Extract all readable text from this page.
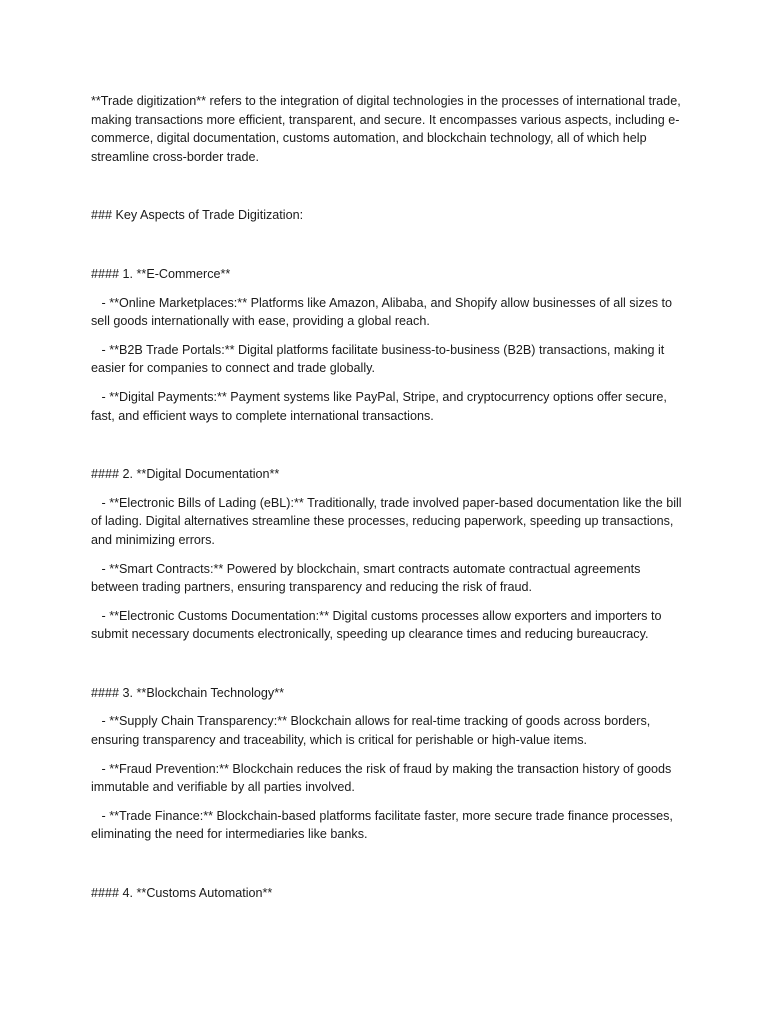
**Trade digitization** refers to the integration of digital technologies in the processes of international trade, making transactions more efficient, transparent, and secure. It encompasses various aspects, including e-commerce, digital documentation, customs automation, and blockchain technology, all of which help streamline cross-border trade.

### Key Aspects of Trade Digitization:

#### 1. **E-Commerce**

- **Online Marketplaces:** Platforms like Amazon, Alibaba, and Shopify allow businesses of all sizes to sell goods internationally with ease, providing a global reach.

- **B2B Trade Portals:** Digital platforms facilitate business-to-business (B2B) transactions, making it easier for companies to connect and trade globally.

- **Digital Payments:** Payment systems like PayPal, Stripe, and cryptocurrency options offer secure, fast, and efficient ways to complete international transactions.

#### 2. **Digital Documentation**

- **Electronic Bills of Lading (eBL):** Traditionally, trade involved paper-based documentation like the bill of lading. Digital alternatives streamline these processes, reducing paperwork, speeding up transactions, and minimizing errors.

- **Smart Contracts:** Powered by blockchain, smart contracts automate contractual agreements between trading partners, ensuring transparency and reducing the risk of fraud.

- **Electronic Customs Documentation:** Digital customs processes allow exporters and importers to submit necessary documents electronically, speeding up clearance times and reducing bureaucracy.

#### 3. **Blockchain Technology**

- **Supply Chain Transparency:** Blockchain allows for real-time tracking of goods across borders, ensuring transparency and traceability, which is critical for perishable or high-value items.

- **Fraud Prevention:** Blockchain reduces the risk of fraud by making the transaction history of goods immutable and verifiable by all parties involved.

- **Trade Finance:** Blockchain-based platforms facilitate faster, more secure trade finance processes, eliminating the need for intermediaries like banks.

#### 4. **Customs Automation**
